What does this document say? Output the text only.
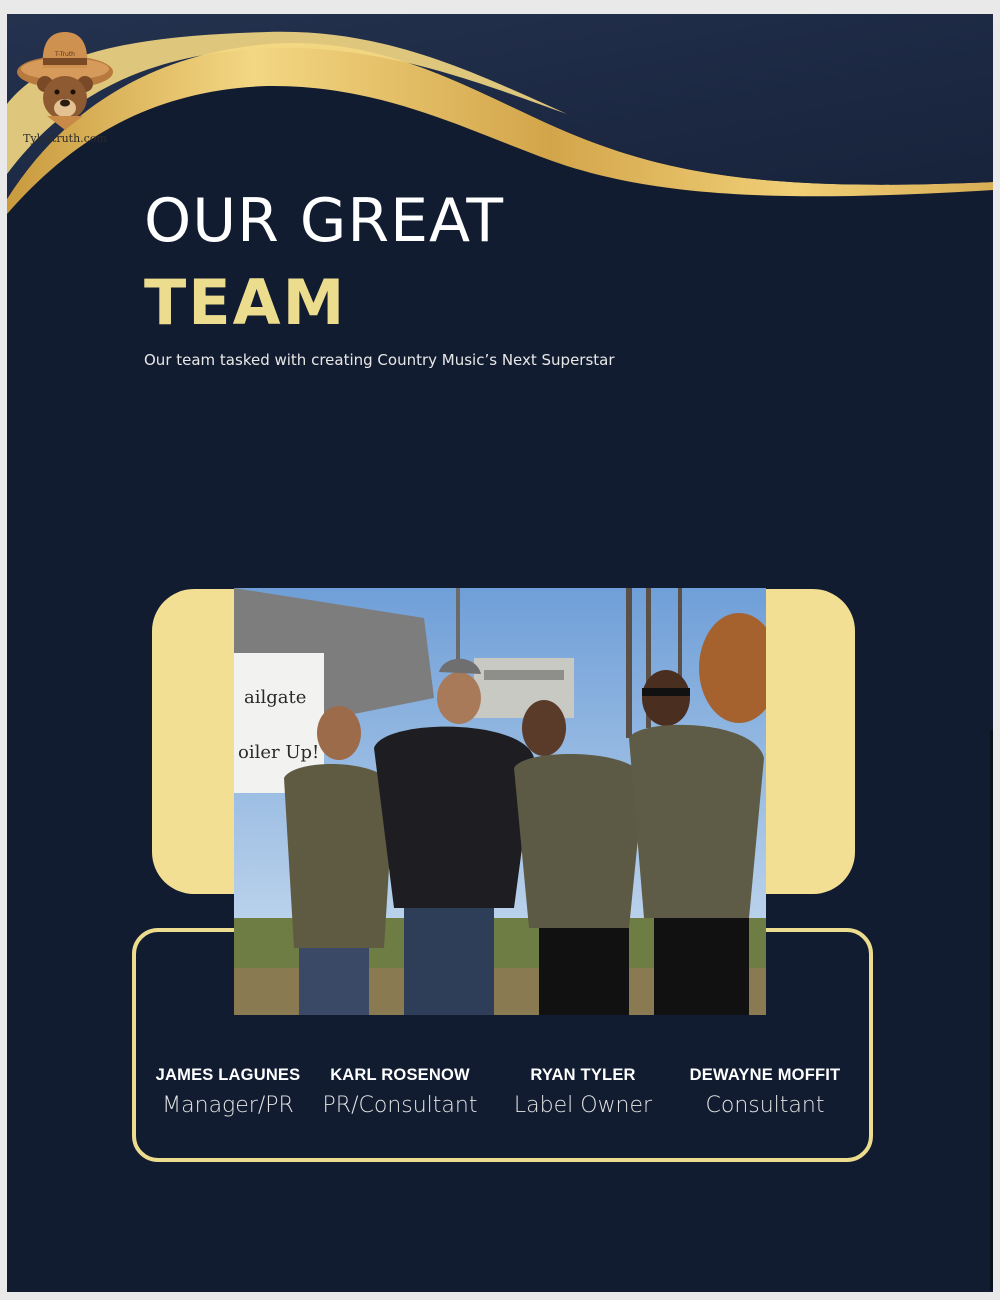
T-Truth
Tylertruth.com
OUR GREAT
TEAM
Our team tasked with creating Country Music’s Next Superstar
ailgate
oiler Up!
JAMES LAGUNES
Manager/PR
KARL ROSENOW
PR/Consultant
RYAN TYLER
Label Owner
DEWAYNE MOFFIT
Consultant
